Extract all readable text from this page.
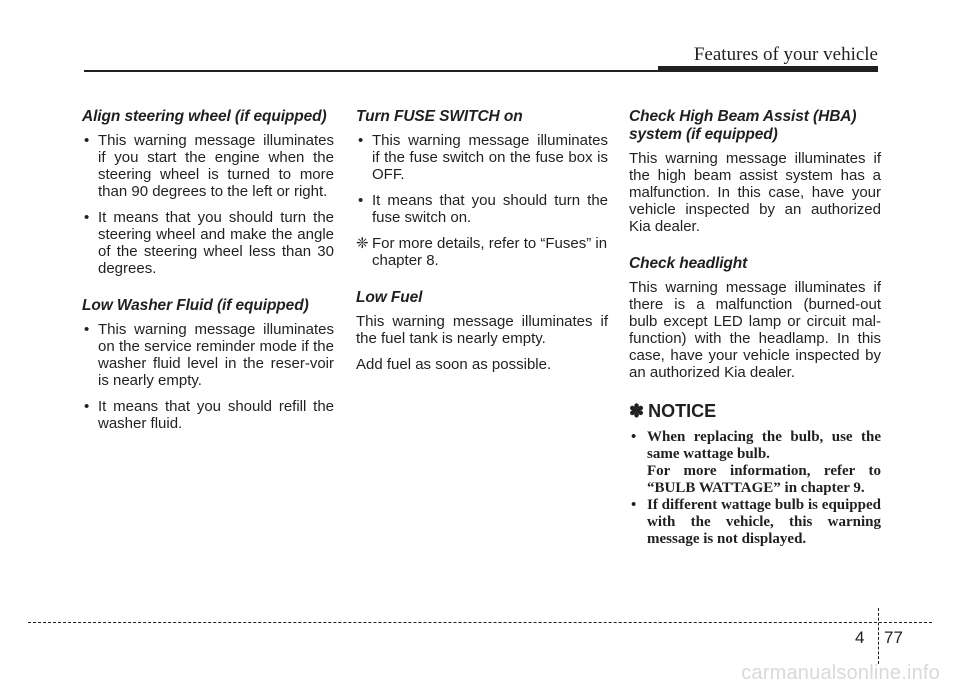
Features of your vehicle
Align steering wheel (if equipped)
• This warning message illuminates if you start the engine when the steering wheel is turned to more than 90 degrees to the left or right.
• It means that you should turn the steering wheel and make the angle of the steering wheel less than 30 degrees.
Low Washer Fluid (if equipped)
• This warning message illuminates on the service reminder mode if the washer fluid level in the reser-voir is nearly empty.
• It means that you should refill the washer fluid.
Turn FUSE SWITCH on
• This warning message illuminates if the fuse switch on the fuse box is OFF.
• It means that you should turn the fuse switch on.
❈ For more details, refer to “Fuses” in chapter 8.
Low Fuel

This warning message illuminates if the fuel tank is nearly empty.

Add fuel as soon as possible.

Check High Beam Assist (HBA) system (if equipped)

This warning message illuminates if the high beam assist system has a malfunction. In this case, have your vehicle inspected by an authorized Kia dealer.

Check headlight

This warning message illuminates if there is a malfunction (burned-out bulb except LED lamp or circuit mal-function) with the headlamp. In this case, have your vehicle inspected by an authorized Kia dealer.

✽ NOTICE
• When replacing the bulb, use the same wattage bulb.
For more information, refer to “BULB WATTAGE” in chapter 9.
• If different wattage bulb is equipped with the vehicle, this warning message is not displayed.
4 77
carmanualsonline.info
